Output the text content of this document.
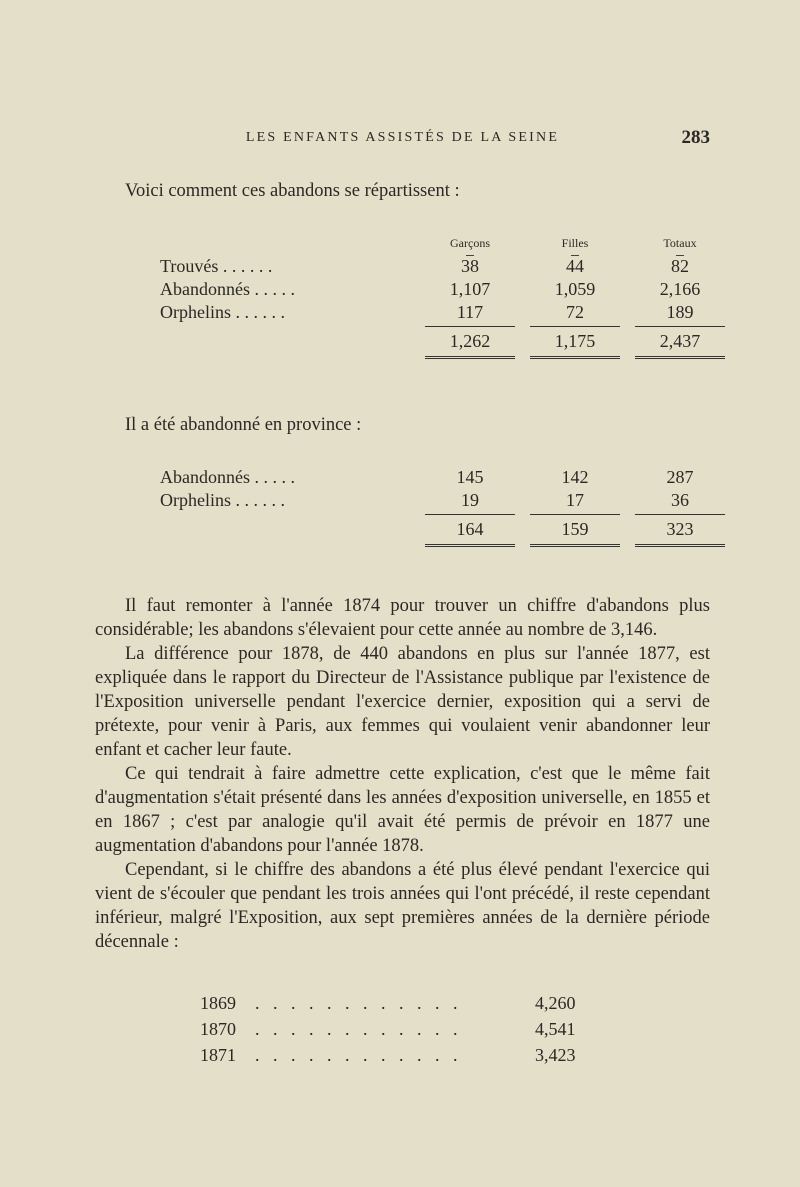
LES ENFANTS ASSISTÉS DE LA SEINE	283

Voici comment ces abandons se répartissent :

	Garçons	Filles	Totaux
Trouvés . . . . . .	38	44	82
Abandonnés . . . . .	1,107	1,059	2,166
Orphelins . . . . . .	117	72	189
	1,262	1,175	2,437

Il a été abandonné en province :

Abandonnés . . . . .	145	142	287
Orphelins . . . . . .	19	17	36
	164	159	323

Il faut remonter à l'année 1874 pour trouver un chiffre d'abandons plus considérable; les abandons s'élevaient pour cette année au nombre de 3,146.

La différence pour 1878, de 440 abandons en plus sur l'année 1877, est expliquée dans le rapport du Directeur de l'Assistance publique par l'existence de l'Exposition universelle pendant l'exercice dernier, exposition qui a servi de prétexte, pour venir à Paris, aux femmes qui voulaient venir abandonner leur enfant et cacher leur faute.

Ce qui tendrait à faire admettre cette explication, c'est que le même fait d'augmentation s'était présenté dans les années d'exposition universelle, en 1855 et en 1867 ; c'est par analogie qu'il avait été permis de prévoir en 1877 une augmentation d'abandons pour l'année 1878.

Cependant, si le chiffre des abandons a été plus élevé pendant l'exercice qui vient de s'écouler que pendant les trois années qui l'ont précédé, il reste cependant inférieur, malgré l'Exposition, aux sept premières années de la dernière période décennale :

1869	. . . . . . . . . . . .	4,260
1870	. . . . . . . . . . . .	4,541
1871	. . . . . . . . . . . .	3,423
